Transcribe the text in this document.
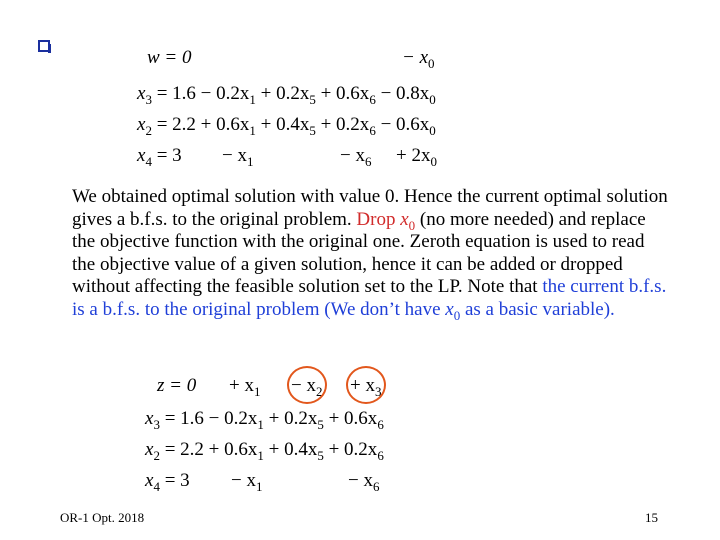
w = 0	− $x_0$
$x_3 = 1.6 - 0.2x_1 + 0.2x_5 + 0.6x_6 - 0.8x_0$
$x_2 = 2.2 + 0.6x_1 + 0.4x_5 + 0.2x_6 - 0.6x_0$
$x_4 = 3 - x_1$	− $x_6 + 2x_0$
We obtained optimal solution with value 0. Hence the current optimal solution gives a b.f.s. to the original problem. Drop $x_0$ (no more needed) and replace the objective function with the original one. Zeroth equation is used to read the objective value of a given solution, hence it can be added or dropped without affecting the feasible solution set to the LP. Note that the current b.f.s. is a b.f.s. to the original problem (We don’t have $x_0$ as a basic variable).
$z = 0 + x_1 - x_2 + x_3$
$x_3 = 1.6 - 0.2x_1 + 0.2x_5 + 0.6x_6$
$x_2 = 2.2 + 0.6x_1 + 0.4x_5 + 0.2x_6$
$x_4 = 3 - x_1$	− $x_6$
OR-1 Opt. 2018	15
